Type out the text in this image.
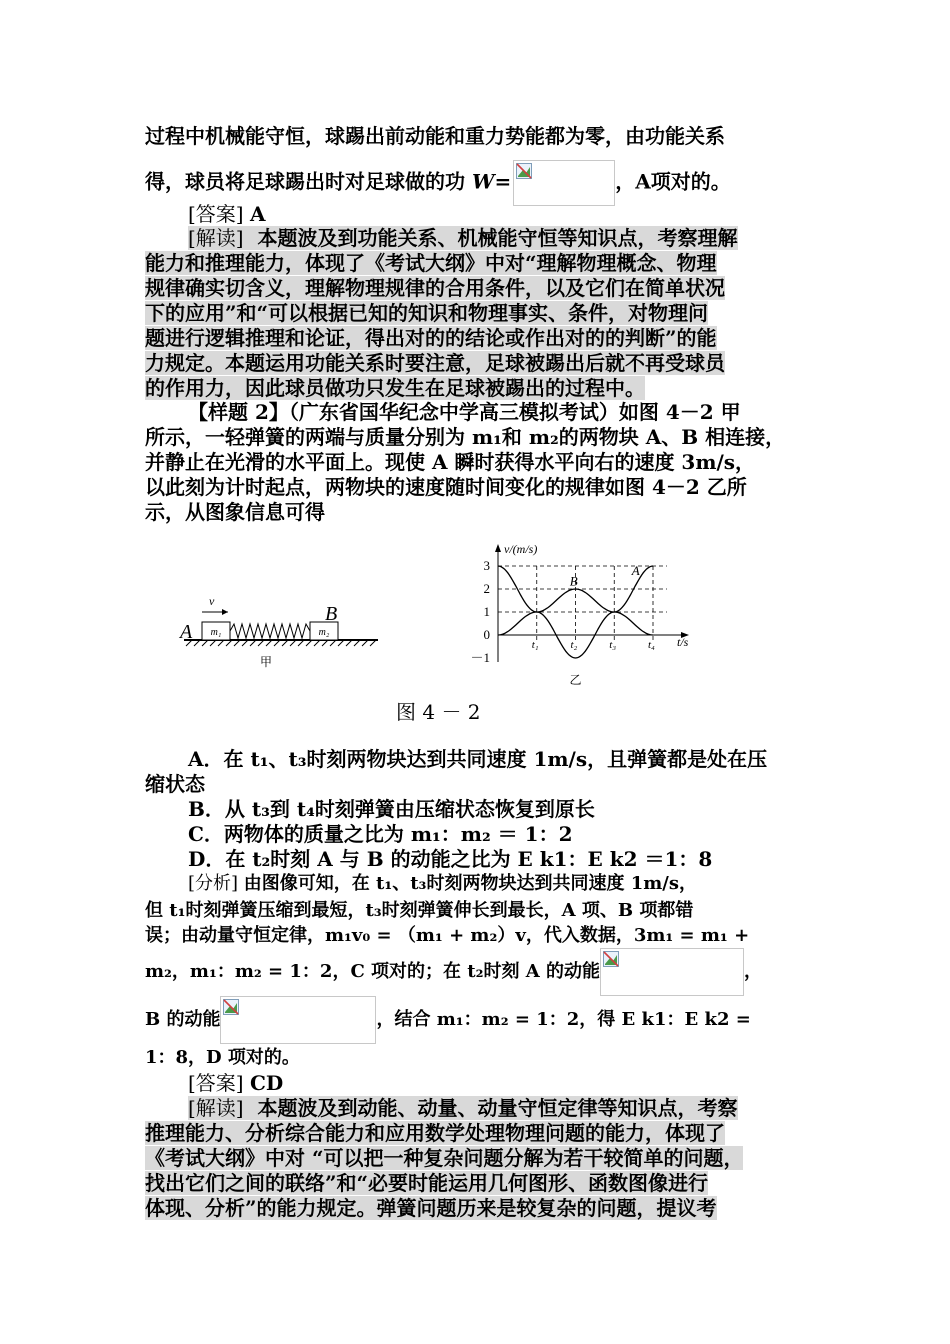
过程中机械能守恒，球踢出前动能和重力势能都为零，由功能关系
得，球员将足球踢出时对足球做的功 W=	，A项对的。
[答案] A
[解读] 本题波及到功能关系、机械能守恒等知识点，考察理解
能力和推理能力，体现了《考试大纲》中对“理解物理概念、物理
规律确实切含义，理解物理规律的合用条件，以及它们在简单状况
下的应用”和“可以根据已知的知识和物理事实、条件，对物理问
题进行逻辑推理和论证，得出对的的结论或作出对的的判断”的能
力规定。本题运用功能关系时要注意，足球被踢出后就不再受球员
的作用力，因此球员做功只发生在足球被踢出的过程中。
【样题 2】（广东省国华纪念中学高三模拟考试）如图 4－2 甲
所示，一轻弹簧的两端与质量分别为 m₁和 m₂的两物块 A、B 相连接，
并静止在光滑的水平面上。现使 A 瞬时获得水平向右的速度 3m/s，
以此刻为计时起点，两物块的速度随时间变化的规律如图 4－2 乙所
示，从图象信息可得
m₁	m₂
A
B
v
甲
v/(m/s)
t/s
乙
3
2
1
0
－1
t₁	t₂	t₃	t₄
A
B
图 4 － 2
A．在 t₁、t₃时刻两物块达到共同速度 1m/s，且弹簧都是处在压
缩状态
B．从 t₃到 t₄时刻弹簧由压缩状态恢复到原长
C．两物体的质量之比为 m₁：m₂ ＝ 1：2
D．在 t₂时刻 A 与 B 的动能之比为 E k1：E k2 ＝1：8
[分析] 由图像可知，在 t₁、t₃时刻两物块达到共同速度 1m/s，
但 t₁时刻弹簧压缩到最短，t₃时刻弹簧伸长到最长，A 项、B 项都错
误；由动量守恒定律，m₁v₀ = （m₁ + m₂）v，代入数据，3m₁ = m₁ +
m₂，m₁：m₂ = 1：2，C 项对的；在 t₂时刻 A 的动能	，
B 的动能	，结合 m₁：m₂ = 1：2，得 E k1：E k2 =
1：8，D 项对的。
[答案] CD
[解读] 本题波及到动能、动量、动量守恒定律等知识点，考察
推理能力、分析综合能力和应用数学处理物理问题的能力，体现了
《考试大纲》中对 “可以把一种复杂问题分解为若干较简单的问题，
找出它们之间的联络”和“必要时能运用几何图形、函数图像进行
体现、分析”的能力规定。弹簧问题历来是较复杂的问题，提议考
